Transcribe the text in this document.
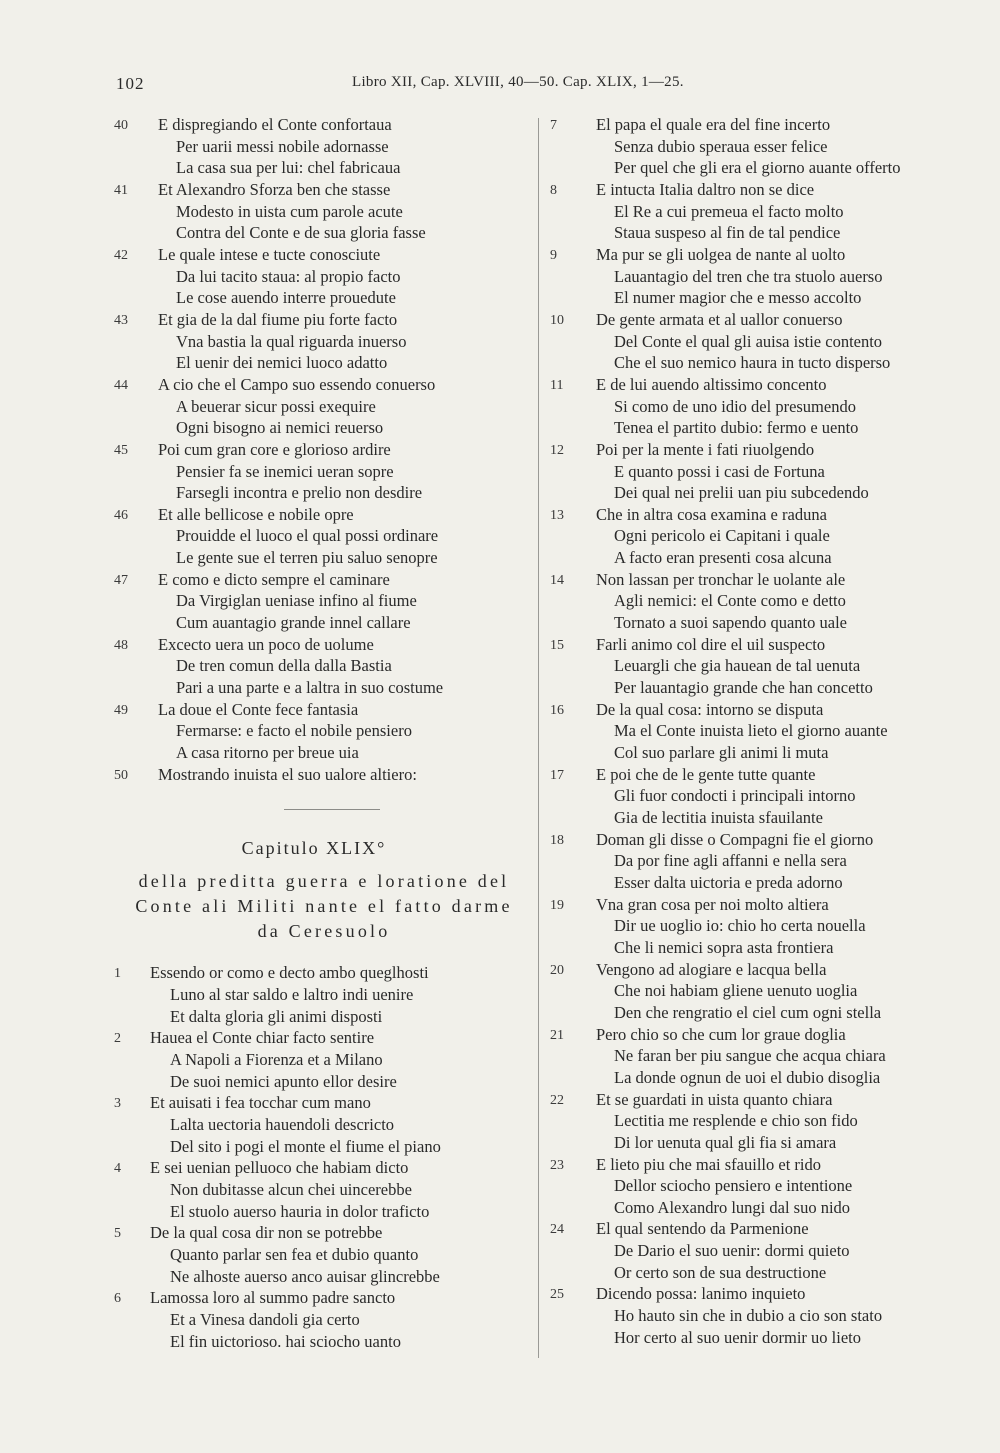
102	Libro XII, Cap. XLVIII, 40—50. Cap. XLIX, 1—25.
40	E dispregiando el Conte confortaua
Per uarii messi nobile adornasse
La casa sua per lui: chel fabricaua
41	Et Alexandro Sforza ben che stasse
Modesto in uista cum parole acute
Contra del Conte e de sua gloria fasse
42	Le quale intese e tucte conosciute
Da lui tacito staua: al propio facto
Le cose auendo interre prouedute
43	Et gia de la dal fiume piu forte facto
Vna bastia la qual riguarda inuerso
El uenir dei nemici luoco adatto
44	A cio che el Campo suo essendo conuerso
A beuerar sicur possi exequire
Ogni bisogno ai nemici reuerso
45	Poi cum gran core e glorioso ardire
Pensier fa se inemici ueran sopre
Farsegli incontra e prelio non desdire
46	Et alle bellicose e nobile opre
Prouidde el luoco el qual possi ordinare
Le gente sue el terren piu saluo senopre
47	E como e dicto sempre el caminare
Da Virgiglan ueniase infino al fiume
Cum auantagio grande innel callare
48	Excecto uera un poco de uolume
De tren comun della dalla Bastia
Pari a una parte e a laltra in suo costume
49	La doue el Conte fece fantasia
Fermarse: e facto el nobile pensiero
A casa ritorno per breue uia
50	Mostrando inuista el suo ualore altiero:
Capitulo XLIX°
della preditta guerra e loratione del
Conte ali Militi nante el fatto darme
da Ceresuolo
1	Essendo or como e decto ambo queglhosti
Luno al star saldo e laltro indi uenire
Et dalta gloria gli animi disposti
2	Hauea el Conte chiar facto sentire
A Napoli a Fiorenza et a Milano
De suoi nemici apunto ellor desire
3	Et auisati i fea tocchar cum mano
Lalta uectoria hauendoli descricto
Del sito i pogi el monte el fiume el piano
4	E sei uenian pelluoco che habiam dicto
Non dubitasse alcun chei uincerebbe
El stuolo auerso hauria in dolor traficto
5	De la qual cosa dir non se potrebbe
Quanto parlar sen fea et dubio quanto
Ne alhoste auerso anco auisar glincrebbe
6	Lamossa loro al summo padre sancto
Et a Vinesa dandoli gia certo
El fin uictorioso. hai sciocho uanto
7	El papa el quale era del fine incerto
Senza dubio speraua esser felice
Per quel che gli era el giorno auante offerto
8	E intucta Italia daltro non se dice
El Re a cui premeua el facto molto
Staua suspeso al fin de tal pendice
9	Ma pur se gli uolgea de nante al uolto
Lauantagio del tren che tra stuolo auerso
El numer magior che e messo accolto
10	De gente armata et al uallor conuerso
Del Conte el qual gli auisa istie contento
Che el suo nemico haura in tucto disperso
11	E de lui auendo altissimo concento
Si como de uno idio del presumendo
Tenea el partito dubio: fermo e uento
12	Poi per la mente i fati riuolgendo
E quanto possi i casi de Fortuna
Dei qual nei prelii uan piu subcedendo
13	Che in altra cosa examina e raduna
Ogni pericolo ei Capitani i quale
A facto eran presenti cosa alcuna
14	Non lassan per tronchar le uolante ale
Agli nemici: el Conte como e detto
Tornato a suoi sapendo quanto uale
15	Farli animo col dire el uil suspecto
Leuargli che gia hauean de tal uenuta
Per lauantagio grande che han concetto
16	De la qual cosa: intorno se disputa
Ma el Conte inuista lieto el giorno auante
Col suo parlare gli animi li muta
17	E poi che de le gente tutte quante
Gli fuor condocti i principali intorno
Gia de lectitia inuista sfauilante
18	Doman gli disse o Compagni fie el giorno
Da por fine agli affanni e nella sera
Esser dalta uictoria e preda adorno
19	Vna gran cosa per noi molto altiera
Dir ue uoglio io: chio ho certa nouella
Che li nemici sopra asta frontiera
20	Vengono ad alogiare e lacqua bella
Che noi habiam gliene uenuto uoglia
Den che rengratio el ciel cum ogni stella
21	Pero chio so che cum lor graue doglia
Ne faran ber piu sangue che acqua chiara
La donde ognun de uoi el dubio disoglia
22	Et se guardati in uista quanto chiara
Lectitia me resplende e chio son fido
Di lor uenuta qual gli fia si amara
23	E lieto piu che mai sfauillo et rido
Dellor sciocho pensiero e intentione
Como Alexandro lungi dal suo nido
24	El qual sentendo da Parmenione
De Dario el suo uenir: dormi quieto
Or certo son de sua destructione
25	Dicendo possa: lanimo inquieto
Ho hauto sin che in dubio a cio son stato
Hor certo al suo uenir dormir uo lieto
